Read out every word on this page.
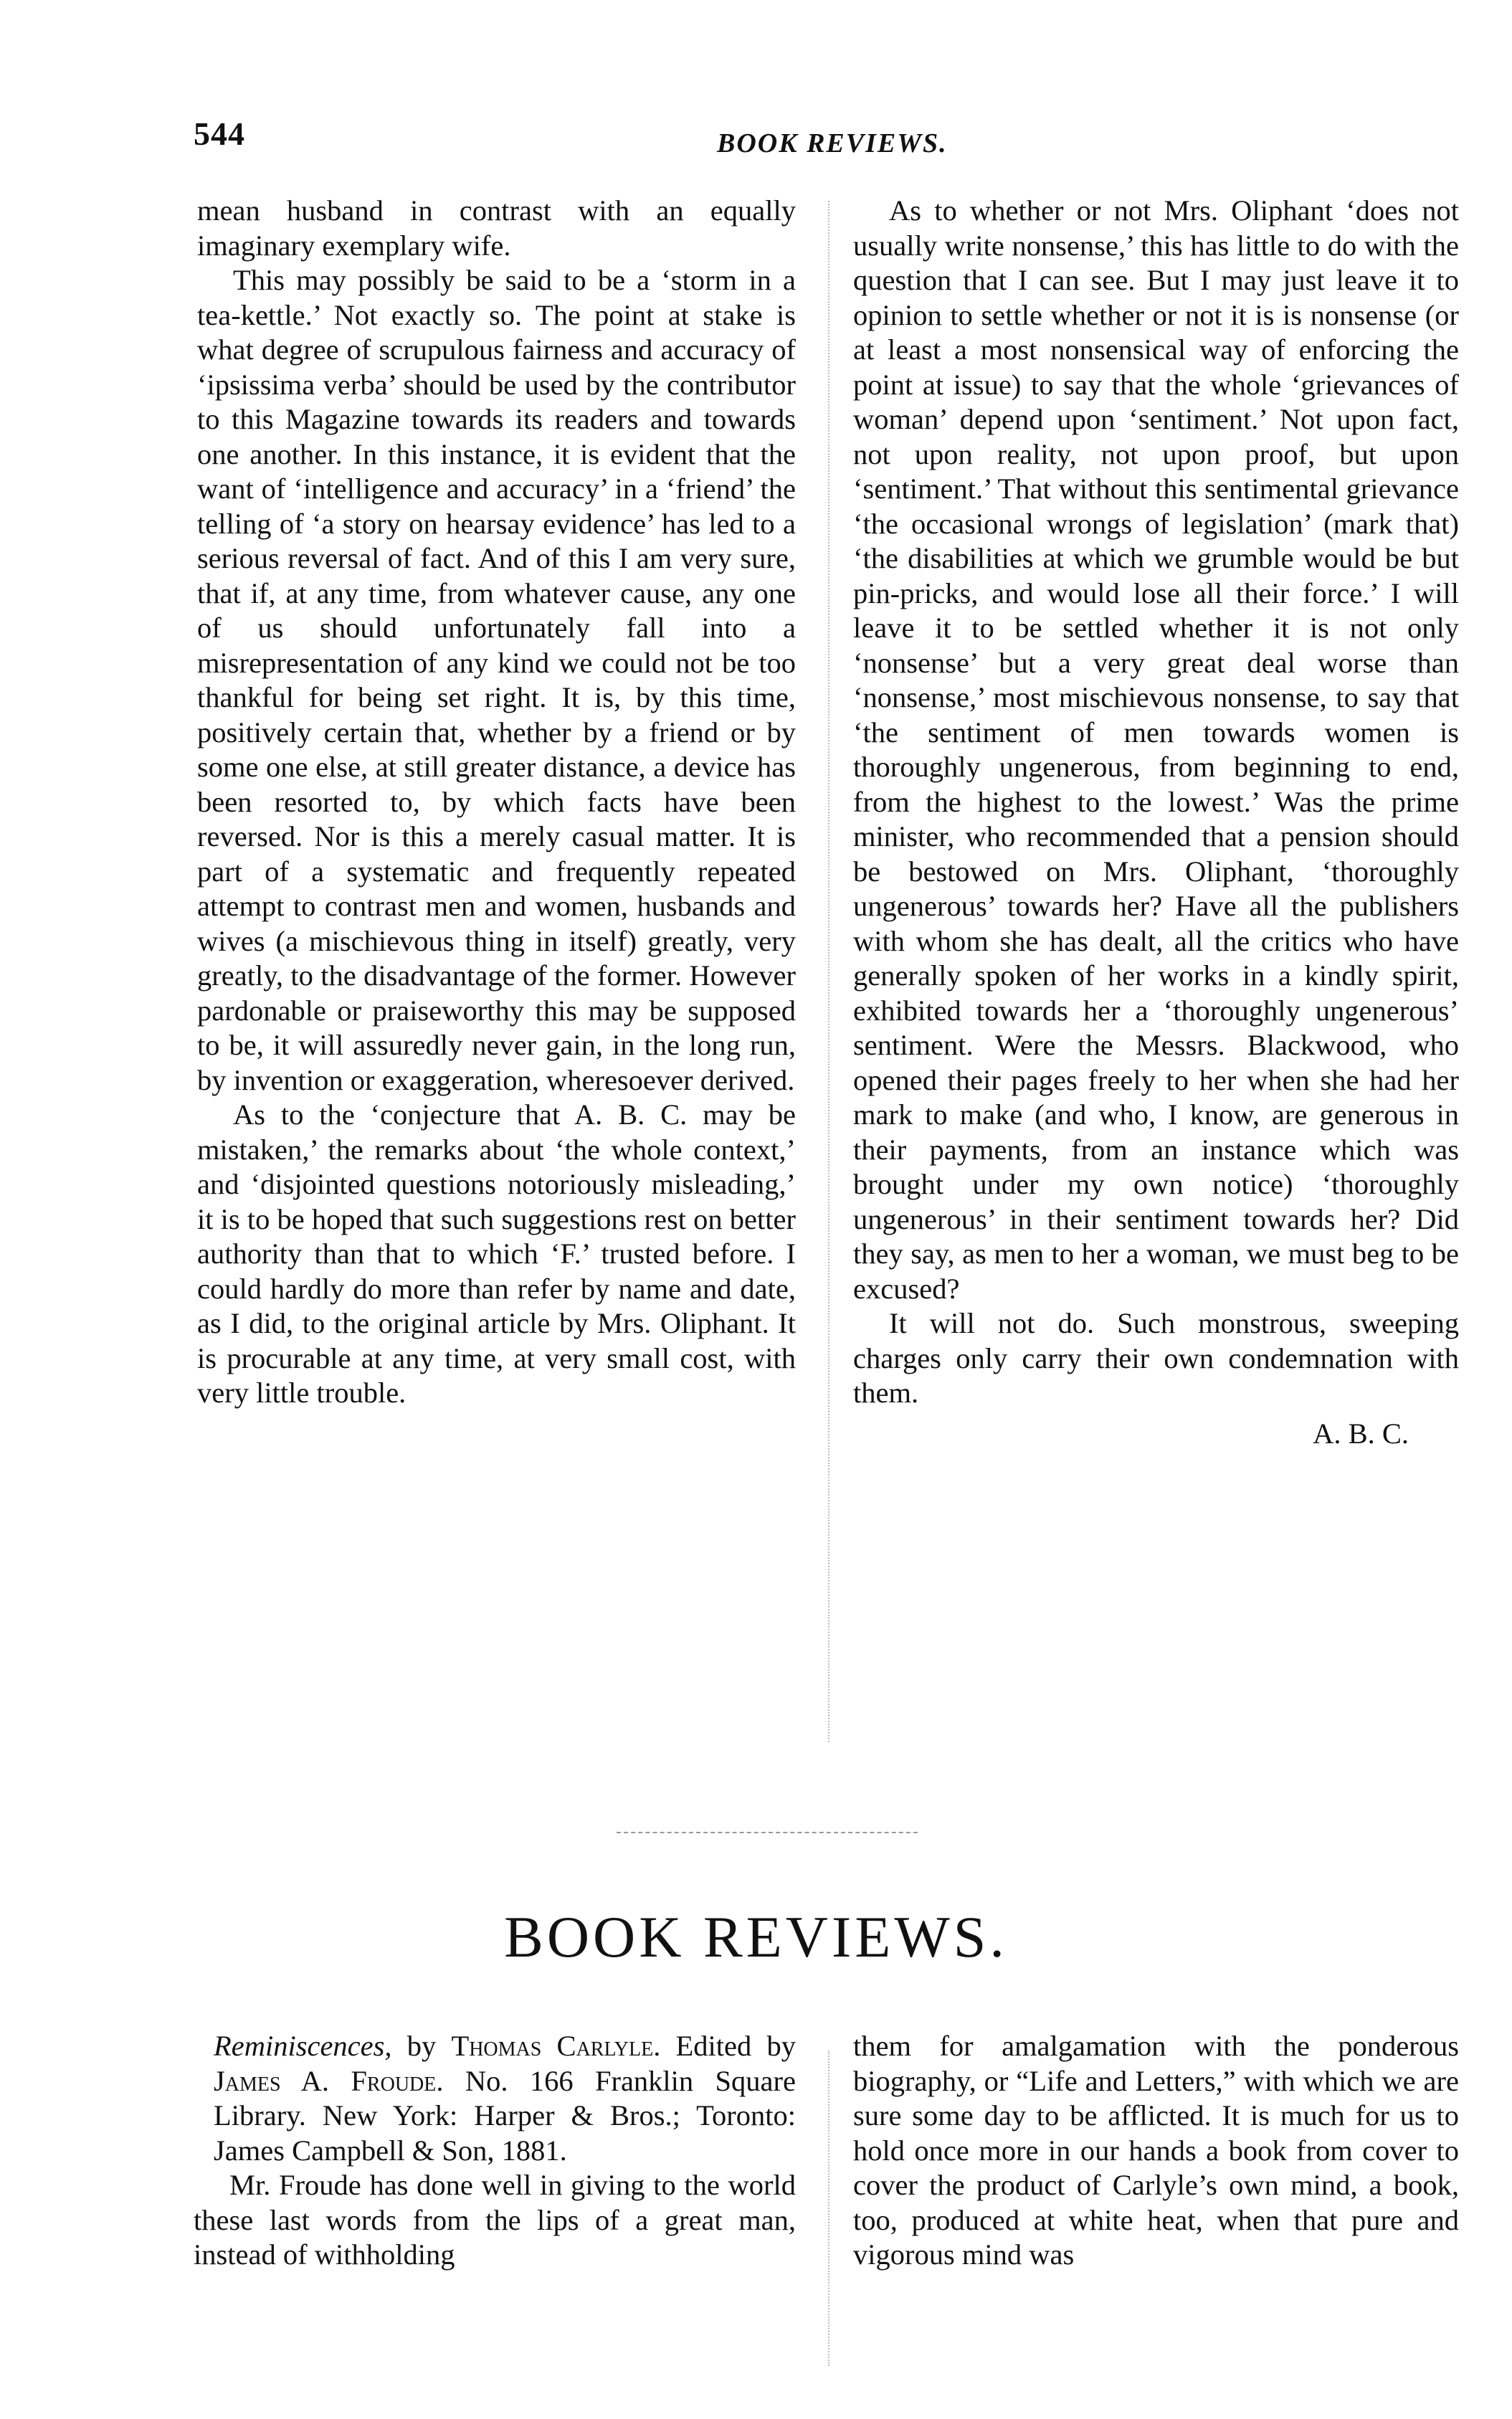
544	BOOK REVIEWS.

mean husband in contrast with an equally imaginary exemplary wife.

This may possibly be said to be a ‘storm in a tea-kettle.’ Not exactly so. The point at stake is what degree of scrupulous fairness and accuracy of ‘ipsissima verba’ should be used by the contributor to this Magazine towards its readers and towards one another. In this instance, it is evident that the want of ‘intelligence and accuracy’ in a ‘friend’ the telling of ‘a story on hearsay evidence’ has led to a serious reversal of fact. And of this I am very sure, that if, at any time, from whatever cause, any one of us should unfortunately fall into a misrepresentation of any kind we could not be too thankful for being set right. It is, by this time, positively certain that, whether by a friend or by some one else, at still greater distance, a device has been resorted to, by which facts have been reversed. Nor is this a merely casual matter. It is part of a systematic and frequently repeated attempt to contrast men and women, husbands and wives (a mischievous thing in itself) greatly, very greatly, to the disadvantage of the former. However pardonable or praiseworthy this may be supposed to be, it will assuredly never gain, in the long run, by invention or exaggeration, wheresoever derived.

As to the ‘conjecture that A. B. C. may be mistaken,’ the remarks about ‘the whole context,’ and ‘disjointed questions notoriously misleading,’ it is to be hoped that such suggestions rest on better authority than that to which ‘F.’ trusted before. I could hardly do more than refer by name and date, as I did, to the original article by Mrs. Oliphant. It is procurable at any time, at very small cost, with very little trouble.

As to whether or not Mrs. Oliphant ‘does not usually write nonsense,’ this has little to do with the question that I can see. But I may just leave it to opinion to settle whether or not it is is nonsense (or at least a most nonsensical way of enforcing the point at issue) to say that the whole ‘grievances of woman’ depend upon ‘sentiment.’ Not upon fact, not upon reality, not upon proof, but upon ‘sentiment.’ That without this sentimental grievance ‘the occasional wrongs of legislation’ (mark that) ‘the disabilities at which we grumble would be but pin-pricks, and would lose all their force.’ I will leave it to be settled whether it is not only ‘nonsense’ but a very great deal worse than ‘nonsense,’ most mischievous nonsense, to say that ‘the sentiment of men towards women is thoroughly ungenerous, from beginning to end, from the highest to the lowest.’ Was the prime minister, who recommended that a pension should be bestowed on Mrs. Oliphant, ‘thoroughly ungenerous’ towards her? Have all the publishers with whom she has dealt, all the critics who have generally spoken of her works in a kindly spirit, exhibited towards her a ‘thoroughly ungenerous’ sentiment. Were the Messrs. Blackwood, who opened their pages freely to her when she had her mark to make (and who, I know, are generous in their payments, from an instance which was brought under my own notice) ‘thoroughly ungenerous’ in their sentiment towards her? Did they say, as men to her a woman, we must beg to be excused?

It will not do. Such monstrous, sweeping charges only carry their own condemnation with them.

A. B. C.
BOOK REVIEWS.

Reminiscences, by Thomas Carlyle. Edited by James A. Froude. No. 166 Franklin Square Library. New York: Harper & Bros.; Toronto: James Campbell & Son, 1881.

Mr. Froude has done well in giving to the world these last words from the lips of a great man, instead of withholding

them for amalgamation with the ponderous biography, or “Life and Letters,” with which we are sure some day to be afflicted. It is much for us to hold once more in our hands a book from cover to cover the product of Carlyle’s own mind, a book, too, produced at white heat, when that pure and vigorous mind was
